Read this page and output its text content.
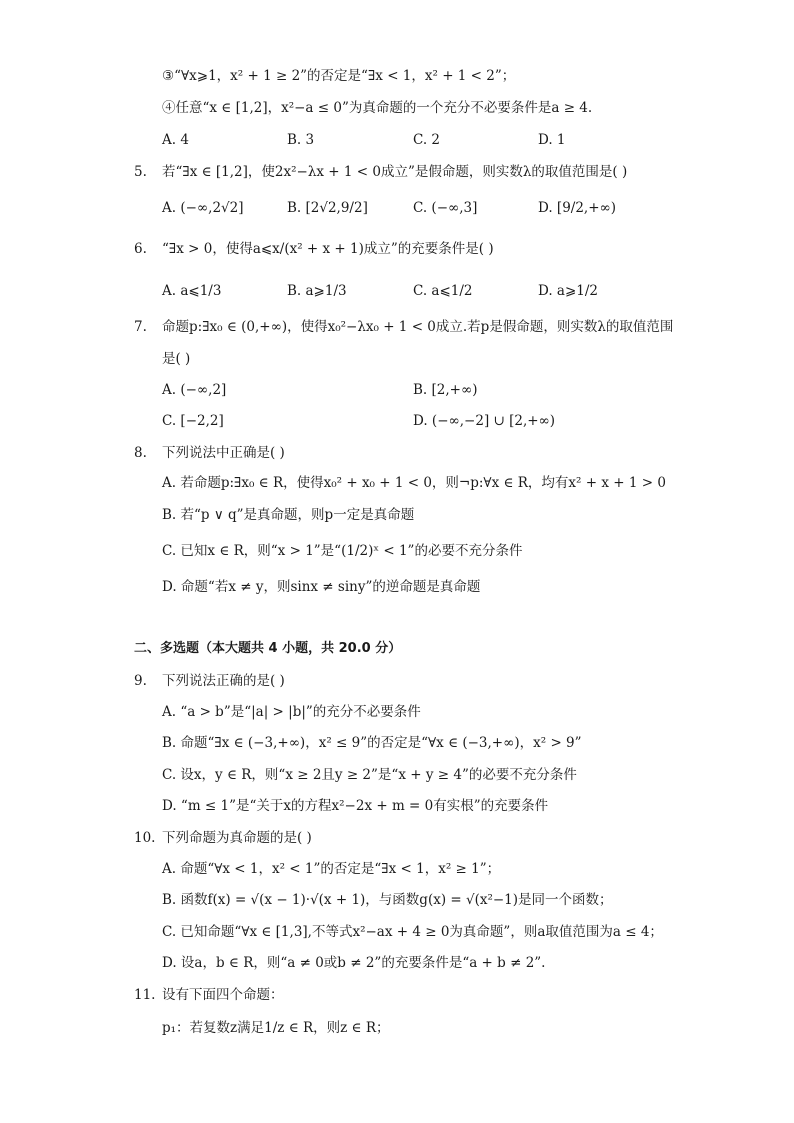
③“∀x⩾1，x² + 1 ≥ 2”的否定是“∃x < 1，x² + 1 < 2”；
④任意“x ∈ [1,2]，x²−a ≤ 0”为真命题的一个充分不必要条件是a ≥ 4.
A. 4	B. 3	C. 2	D. 1
5. 若“∃x ∈ [1,2]，使2x²−λx + 1 < 0成立”是假命题，则实数λ的取值范围是( )
A. (−∞,2√2]	B. [2√2,9/2]	C. (−∞,3]	D. [9/2,+∞)
6. “∃x > 0，使得a⩽x/(x² + x + 1)成立”的充要条件是( )
A. a⩽1/3	B. a⩾1/3	C. a⩽1/2	D. a⩾1/2
7. 命题p:∃x₀ ∈ (0,+∞)，使得x₀²−λx₀ + 1 < 0成立.若p是假命题，则实数λ的取值范围
是( )
A. (−∞,2]	B. [2,+∞)
C. [−2,2]	D. (−∞,−2] ∪ [2,+∞)
8. 下列说法中正确是( )
A. 若命题p:∃x₀ ∈ R，使得x₀² + x₀ + 1 < 0，则¬p:∀x ∈ R，均有x² + x + 1 > 0
B. 若“p ∨ q”是真命题，则p一定是真命题
C. 已知x ∈ R，则“x > 1”是“(1/2)ˣ < 1”的必要不充分条件
D. 命题“若x ≠ y，则sinx ≠ siny”的逆命题是真命题
二、多选题（本大题共 4 小题，共 20.0 分）
9. 下列说法正确的是( )
A. “a > b”是“|a| > |b|”的充分不必要条件
B. 命题“∃x ∈ (−3,+∞)，x² ≤ 9”的否定是“∀x ∈ (−3,+∞)，x² > 9”
C. 设x，y ∈ R，则“x ≥ 2且y ≥ 2”是“x + y ≥ 4”的必要不充分条件
D. “m ≤ 1”是“关于x的方程x²−2x + m = 0有实根”的充要条件
10. 下列命题为真命题的是( )
A. 命题“∀x < 1，x² < 1”的否定是“∃x < 1，x² ≥ 1”；
B. 函数f(x) = √(x − 1)·√(x + 1)，与函数g(x) = √(x²−1)是同一个函数；
C. 已知命题“∀x ∈ [1,3],不等式x²−ax + 4 ≥ 0为真命题”，则a取值范围为a ≤ 4；
D. 设a，b ∈ R，则“a ≠ 0或b ≠ 2”的充要条件是“a + b ≠ 2”.
11. 设有下面四个命题：
p₁：若复数z满足1/z ∈ R，则z ∈ R；
